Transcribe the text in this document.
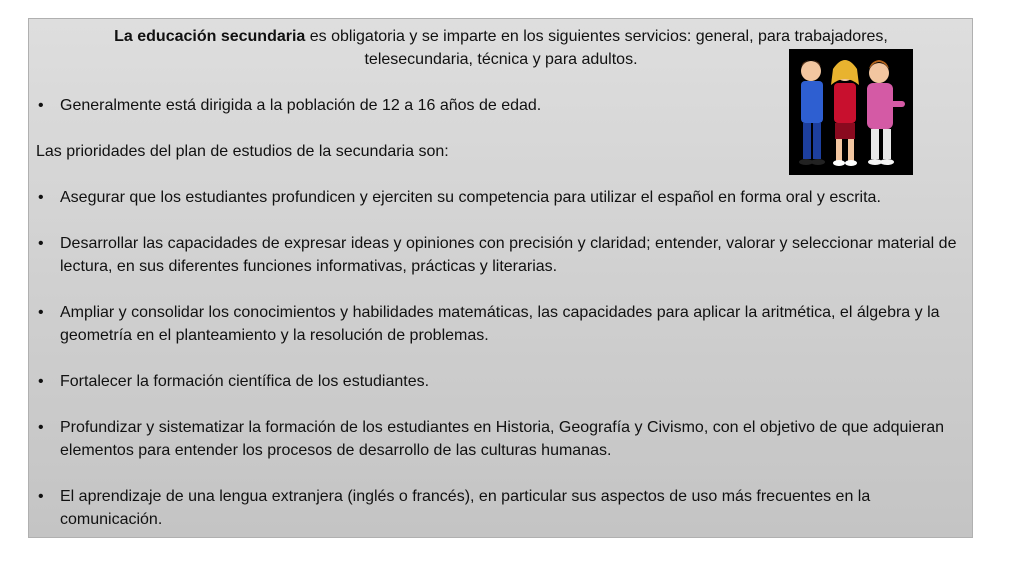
La educación secundaria es obligatoria y se imparte en los siguientes servicios: general, para trabajadores,
telesecundaria, técnica y para adultos.

• Generalmente está dirigida a la población de 12 a 16 años de edad.

Las prioridades del plan de estudios de la secundaria son:

• Asegurar que los estudiantes profundicen y ejerciten su competencia para utilizar el español en forma oral y escrita.
• Desarrollar las capacidades de expresar ideas y opiniones con precisión y claridad; entender, valorar y seleccionar material de lectura, en sus diferentes funciones informativas, prácticas y literarias.
• Ampliar y consolidar los conocimientos y habilidades matemáticas, las capacidades para aplicar la aritmética, el álgebra y la geometría en el planteamiento y la resolución de problemas.
• Fortalecer la formación científica de los estudiantes.
• Profundizar y sistematizar la formación de los estudiantes en Historia, Geografía y Civismo, con el objetivo de que adquieran elementos para entender los procesos de desarrollo de las culturas humanas.
• El aprendizaje de una lengua extranjera (inglés o francés), en particular sus aspectos de uso más frecuentes en la comunicación.
